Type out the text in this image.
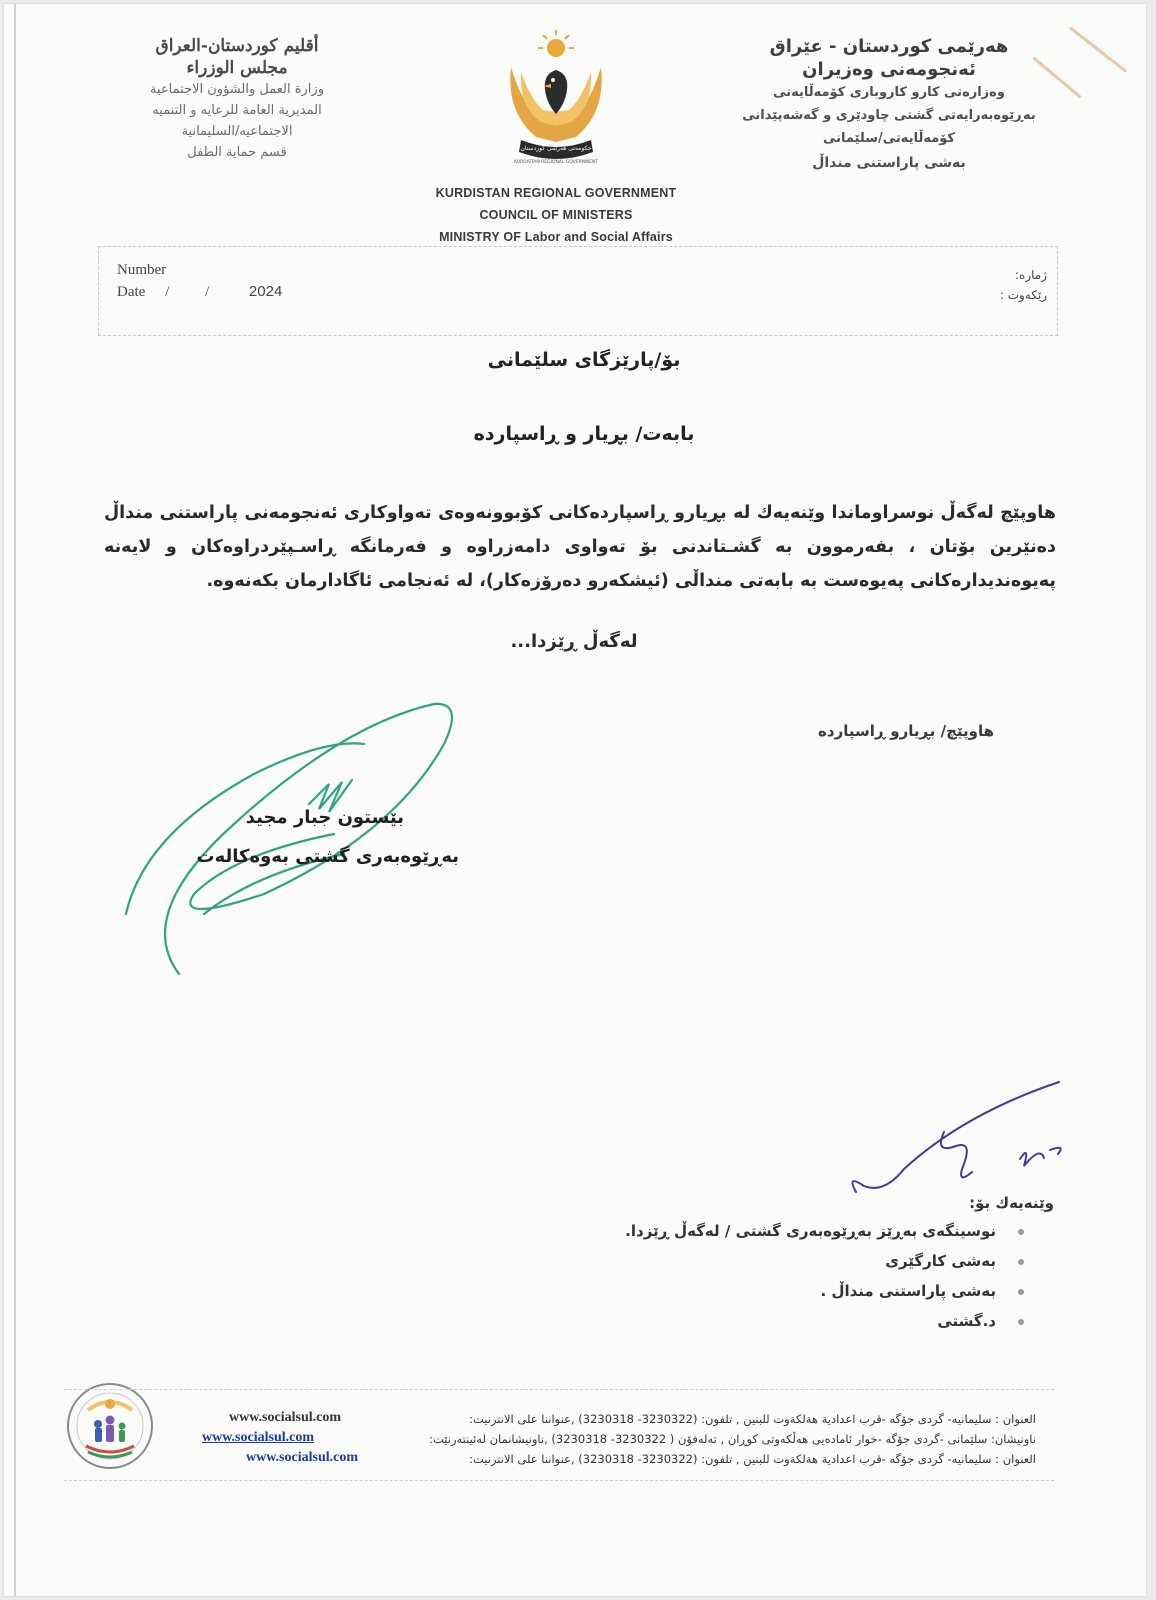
أقليم كوردستان-العراق
مجلس الوزراء
وزارة العمل والشؤون الاجتماعية
المديرية العامة للرعايه و التنميه
الاجتماعيه/السليمانية
قسم حماية الطفل	حکومەتی هەرێمی کوردستان
KURDISTAN REGIONAL GOVERNMENT
KURDISTAN REGIONAL GOVERNMENT
COUNCIL OF MINISTERS
MINISTRY OF Labor and Social Affairs
هەرێمی کوردستان - عێراق
ئەنجومەنی وەزیران
وەزارەتی کارو کاروباری کۆمەڵایەتی
بەڕێوەبەرایەتی گشتی چاودێری و گەشەپێدانی
کۆمەڵایەتی/سلێمانی
بەشی پاراستنی منداڵ
Number
Date / /	2024
ژمارە:
رێکەوت :
بۆ/پارێزگای سلێمانی
بابەت/ بڕیار و ڕاسپاردە
هاوپێچ لەگەڵ نوسراوماندا وێنەیەك لە بڕیارو ڕاسپاردەکانی کۆبوونەوەی تەواوکاری ئەنجومەنی پاراستنی منداڵ دەنێرین بۆتان ، بفەرموون بە گشـتاندنی بۆ تەواوی دامەزراوە و فەرمانگە ڕاسـپێردراوەکان و لایەنە پەیوەندیدارەکانی پەیوەست بە بابەتی منداڵی (ئیشکەرو دەرۆزەکار)، لە ئەنجامی ئاگادارمان بکەنەوە.
لەگەڵ ڕێزدا...
هاوپێچ/ بڕیارو ڕاسپاردە
بێستون جبار مجید
بەڕێوەبەری گشتی بەوەکالەت
وێنەیەك بۆ:
نوسینگەی بەڕێز بەڕێوەبەری گشتی / لەگەڵ ڕێزدا.
بەشی کارگێری
بەشی پاراستنی منداڵ .
د.گشتی
العنوان : سليمانيه- گردى جۆگه -قرب اعدادية هةلكةوت للبنين , تلفون: (3230322- 3230318) ,عنواننا على الانترنيت:
ناونیشان: سلێمانی -گردی جۆگە -خوار ئامادەیی هەڵکەوتی کوڕان , تەلەفۆن ( 3230322- 3230318) ,ناونیشانمان لەئینتەرنێت:
العنوان : سليمانيه- گردى جۆگه -قرب اعدادية هةلكةوت للبنين , تلفون: (3230322- 3230318) ,عنواننا على الانترنيت:
www.socialsul.com
www.socialsul.com
www.socialsul.com
